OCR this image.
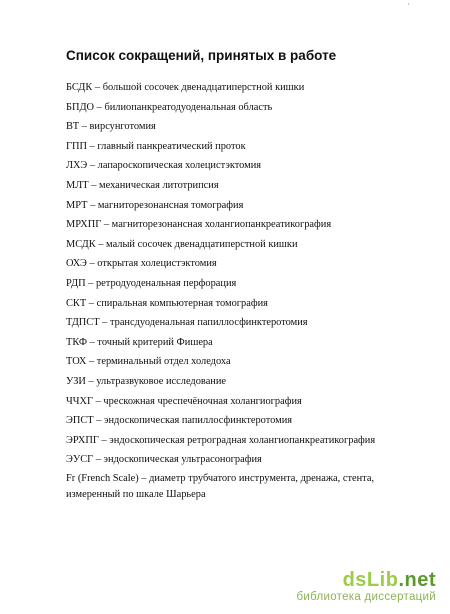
'
Список сокращений, принятых в работе
БСДК – большой сосочек двенадцатиперстной кишки
БПДО – билиопанкреатодуоденальная область
ВТ – вирсунготомия
ГПП – главный панкреатический проток
ЛХЭ – лапароскопическая холецистэктомия
МЛТ – механическая литотрипсия
МРТ – магниторезонансная томография
МРХПГ – магниторезонансная холангиопанкреатикография
МСДК – малый сосочек двенадцатиперстной кишки
ОХЭ – открытая холецистэктомия
РДП – ретродуоденальная перфорация
СКТ – спиральная компьютерная томография
ТДПСТ – трансдуоденальная папиллосфинктеротомия
ТКФ – точный критерий Фишера
ТОХ – терминальный отдел холедоха
УЗИ – ультразвуковое исследование
ЧЧХГ – чрескожная чреспечёночная холангиография
ЭПСТ – эндоскопическая папиллосфинктеротомия
ЭРХПГ – эндоскопическая ретроградная холангиопанкреатикография
ЭУСГ – эндоскопическая ультрасонография
Fr (French Scale) – диаметр трубчатого инструмента, дренажа, стента, измеренный по шкале Шарьера
dsLib.net
библиотека диссертаций
